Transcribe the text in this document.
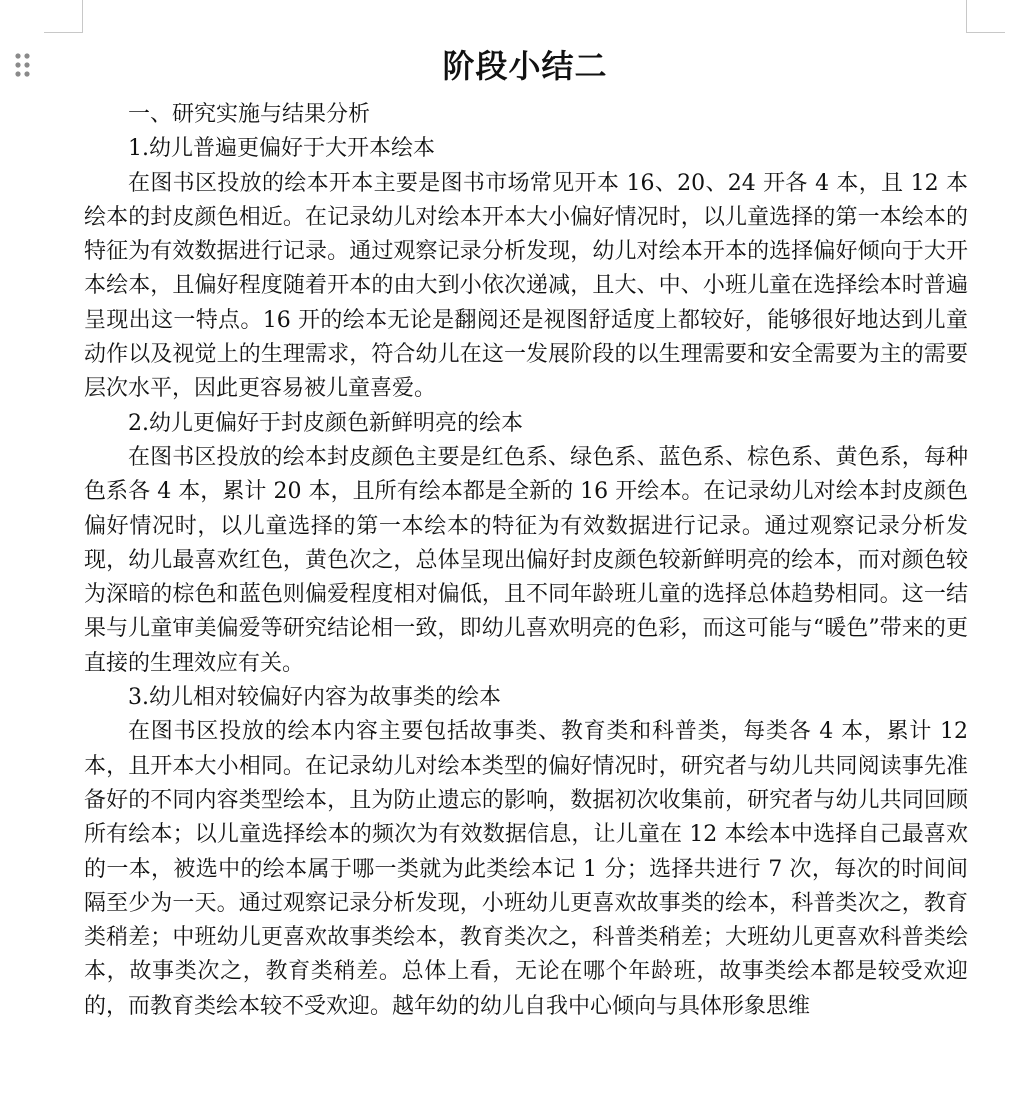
阶段小结二

一、研究实施与结果分析

1.幼儿普遍更偏好于大开本绘本

在图书区投放的绘本开本主要是图书市场常见开本 16、20、24 开各 4 本，且 12 本绘本的封皮颜色相近。在记录幼儿对绘本开本大小偏好情况时，以儿童选择的第一本绘本的特征为有效数据进行记录。通过观察记录分析发现，幼儿对绘本开本的选择偏好倾向于大开本绘本，且偏好程度随着开本的由大到小依次递减，且大、中、小班儿童在选择绘本时普遍呈现出这一特点。16 开的绘本无论是翻阅还是视图舒适度上都较好，能够很好地达到儿童动作以及视觉上的生理需求，符合幼儿在这一发展阶段的以生理需要和安全需要为主的需要层次水平，因此更容易被儿童喜爱。

2.幼儿更偏好于封皮颜色新鲜明亮的绘本

在图书区投放的绘本封皮颜色主要是红色系、绿色系、蓝色系、棕色系、黄色系，每种色系各 4 本，累计 20 本，且所有绘本都是全新的 16 开绘本。在记录幼儿对绘本封皮颜色偏好情况时，以儿童选择的第一本绘本的特征为有效数据进行记录。通过观察记录分析发现，幼儿最喜欢红色，黄色次之，总体呈现出偏好封皮颜色较新鲜明亮的绘本，而对颜色较为深暗的棕色和蓝色则偏爱程度相对偏低，且不同年龄班儿童的选择总体趋势相同。这一结果与儿童审美偏爱等研究结论相一致，即幼儿喜欢明亮的色彩，而这可能与“暖色”带来的更直接的生理效应有关。

3.幼儿相对较偏好内容为故事类的绘本

在图书区投放的绘本内容主要包括故事类、教育类和科普类，每类各 4 本，累计 12 本，且开本大小相同。在记录幼儿对绘本类型的偏好情况时，研究者与幼儿共同阅读事先准备好的不同内容类型绘本，且为防止遗忘的影响，数据初次收集前，研究者与幼儿共同回顾所有绘本；以儿童选择绘本的频次为有效数据信息，让儿童在 12 本绘本中选择自己最喜欢的一本，被选中的绘本属于哪一类就为此类绘本记 1 分；选择共进行 7 次，每次的时间间隔至少为一天。通过观察记录分析发现，小班幼儿更喜欢故事类的绘本，科普类次之，教育类稍差；中班幼儿更喜欢故事类绘本，教育类次之，科普类稍差；大班幼儿更喜欢科普类绘本，故事类次之，教育类稍差。总体上看，无论在哪个年龄班，故事类绘本都是较受欢迎的，而教育类绘本较不受欢迎。越年幼的幼儿自我中心倾向与具体形象思维
